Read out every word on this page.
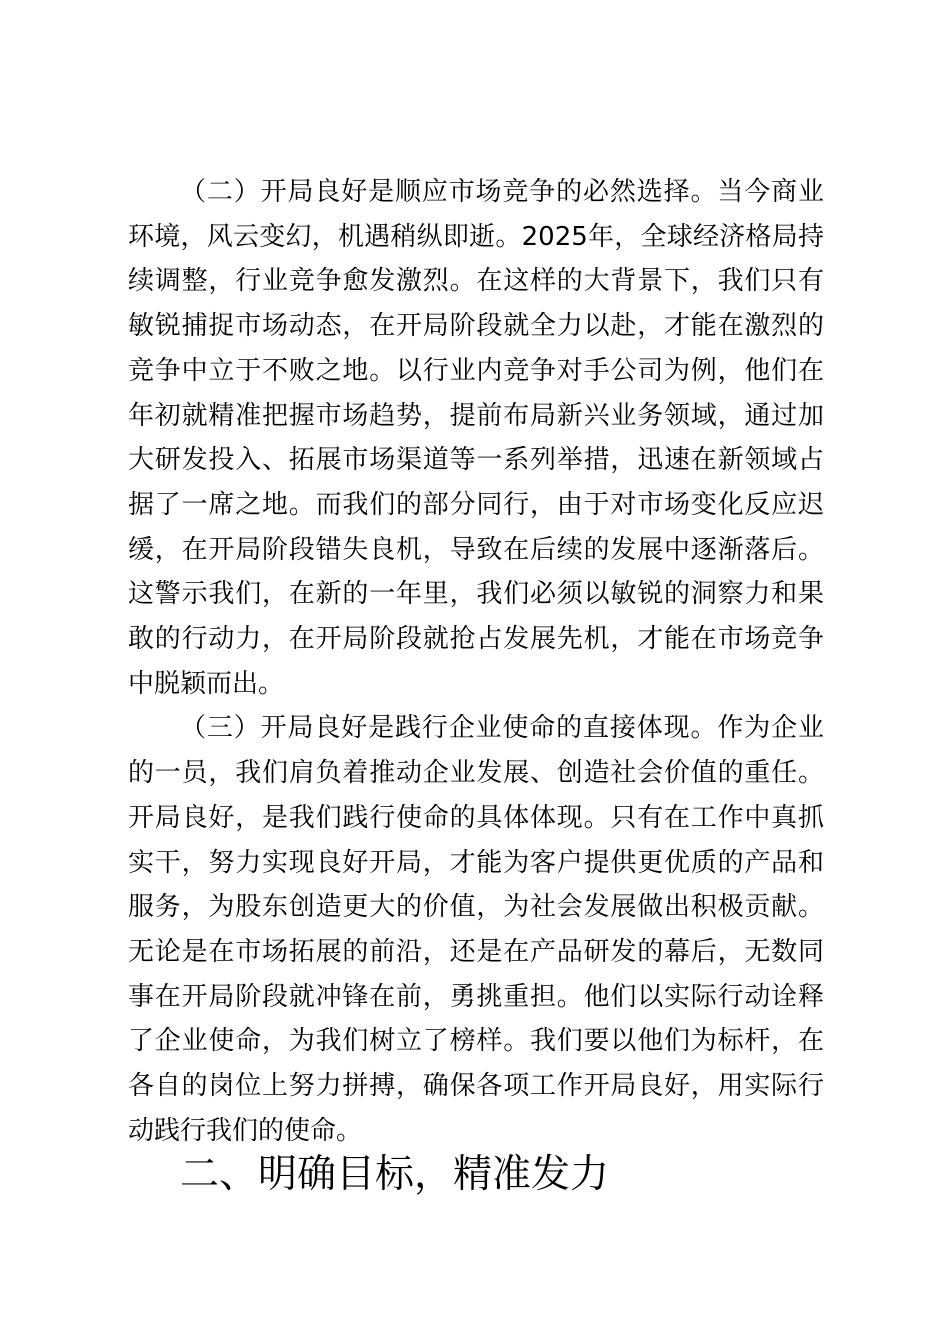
（二）开局良好是顺应市场竞争的必然选择。当今商业环境，风云变幻，机遇稍纵即逝。2025年，全球经济格局持续调整，行业竞争愈发激烈。在这样的大背景下，我们只有敏锐捕捉市场动态，在开局阶段就全力以赴，才能在激烈的竞争中立于不败之地。以行业内竞争对手公司为例，他们在年初就精准把握市场趋势，提前布局新兴业务领域，通过加大研发投入、拓展市场渠道等一系列举措，迅速在新领域占据了一席之地。而我们的部分同行，由于对市场变化反应迟缓，在开局阶段错失良机，导致在后续的发展中逐渐落后。这警示我们，在新的一年里，我们必须以敏锐的洞察力和果敢的行动力，在开局阶段就抢占发展先机，才能在市场竞争中脱颖而出。

（三）开局良好是践行企业使命的直接体现。作为企业的一员，我们肩负着推动企业发展、创造社会价值的重任。开局良好，是我们践行使命的具体体现。只有在工作中真抓实干，努力实现良好开局，才能为客户提供更优质的产品和服务，为股东创造更大的价值，为社会发展做出积极贡献。无论是在市场拓展的前沿，还是在产品研发的幕后，无数同事在开局阶段就冲锋在前，勇挑重担。他们以实际行动诠释了企业使命，为我们树立了榜样。我们要以他们为标杆，在各自的岗位上努力拼搏，确保各项工作开局良好，用实际行动践行我们的使命。

二、明确目标，精准发力
